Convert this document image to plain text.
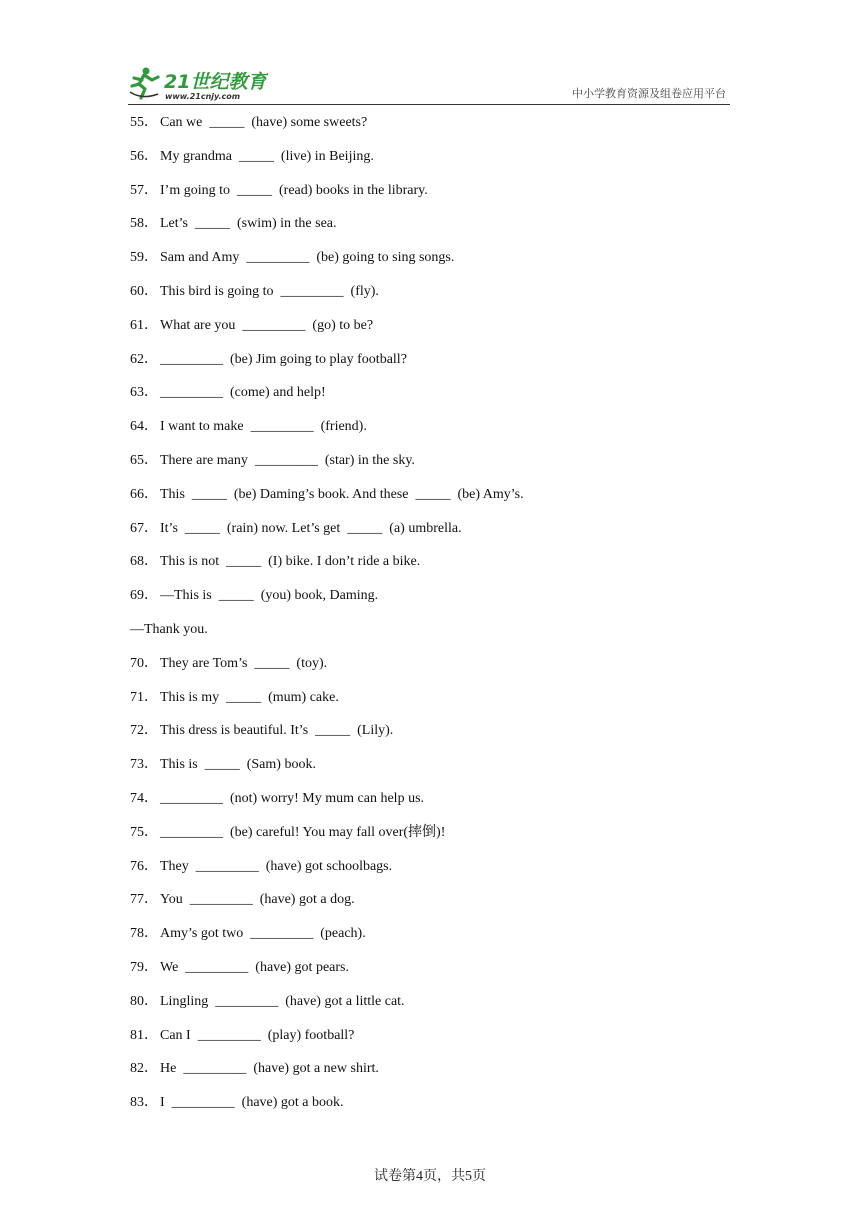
21世纪教育
www.21cnjy.com	中小学教育资源及组卷应用平台
55． Can we  _____  (have) some sweets?
56． My grandma  _____  (live) in Beijing.
57． I’m going to  _____  (read) books in the library.
58． Let’s  _____  (swim) in the sea.
59． Sam and Amy  _________  (be) going to sing songs.
60． This bird is going to  _________  (fly).
61． What are you  _________  (go) to be?
62． _________  (be) Jim going to play football?
63． _________  (come) and help!
64． I want to make  _________  (friend).
65． There are many  _________  (star) in the sky.
66． This  _____  (be) Daming’s book. And these  _____  (be) Amy’s.
67． It’s  _____  (rain) now. Let’s get  _____  (a) umbrella.
68． This is not  _____  (I) bike. I don’t ride a bike.
69． —This is  _____  (you) book, Daming.
—Thank you.
70． They are Tom’s  _____  (toy).
71． This is my  _____  (mum) cake.
72． This dress is beautiful. It’s  _____  (Lily).
73． This is  _____  (Sam) book.
74． _________  (not) worry! My mum can help us.
75． _________  (be) careful! You may fall over(摔倒)!
76． They  _________  (have) got schoolbags.
77． You  _________  (have) got a dog.
78． Amy’s got two  _________  (peach).
79． We  _________  (have) got pears.
80． Lingling  _________  (have) got a little cat.
81． Can I  _________  (play) football?
82． He  _________  (have) got a new shirt.
83． I  _________  (have) got a book.
试卷第4页，共5页
